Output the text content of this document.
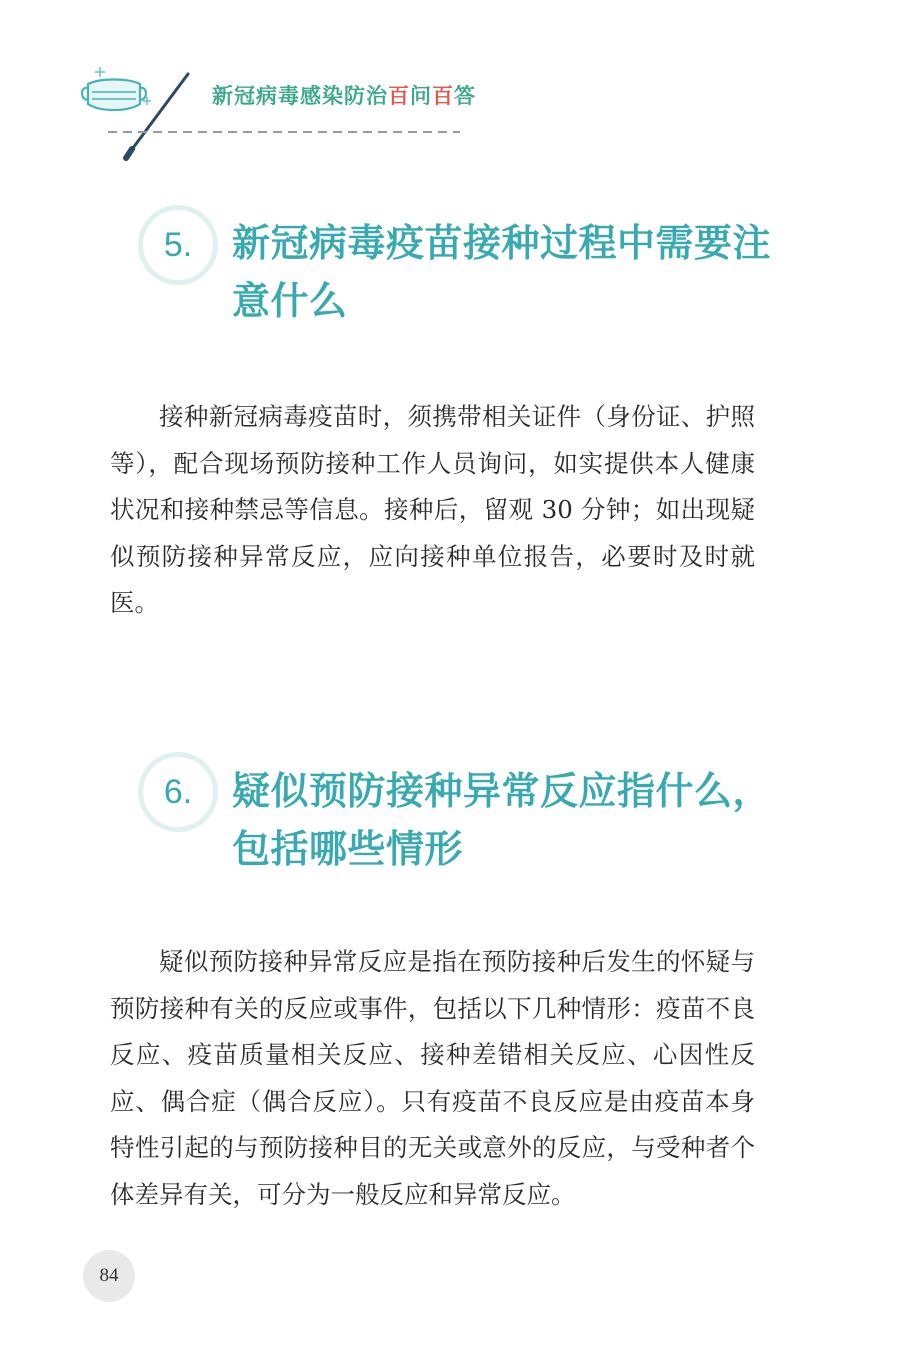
新冠病毒感染防治百问百答
5. 新冠病毒疫苗接种过程中需要注意什么
接种新冠病毒疫苗时，须携带相关证件（身份证、护照等），配合现场预防接种工作人员询问，如实提供本人健康状况和接种禁忌等信息。接种后，留观 30 分钟；如出现疑似预防接种异常反应，应向接种单位报告，必要时及时就医。
6. 疑似预防接种异常反应指什么，包括哪些情形
疑似预防接种异常反应是指在预防接种后发生的怀疑与预防接种有关的反应或事件，包括以下几种情形：疫苗不良反应、疫苗质量相关反应、接种差错相关反应、心因性反应、偶合症（偶合反应）。只有疫苗不良反应是由疫苗本身特性引起的与预防接种目的无关或意外的反应，与受种者个体差异有关，可分为一般反应和异常反应。
84
